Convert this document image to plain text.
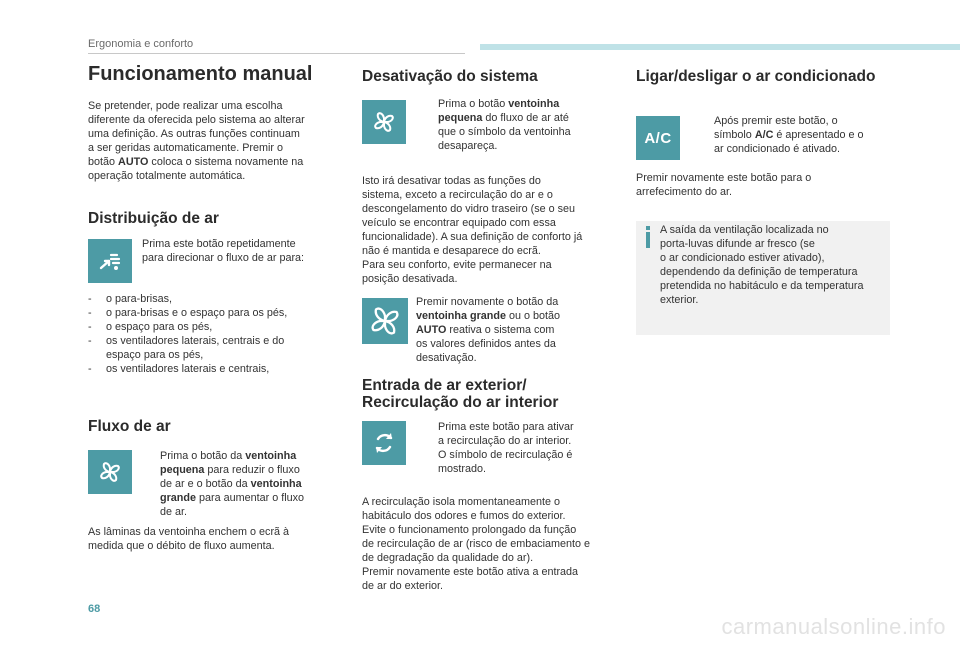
Ergonomia e conforto
Funcionamento manual

Se pretender, pode realizar uma escolha
diferente da oferecida pelo sistema ao alterar
uma definição. As outras funções continuam
a ser geridas automaticamente. Premir o
botão AUTO coloca o sistema novamente na
operação totalmente automática.

Distribuição de ar

Prima este botão repetidamente
para direcionar o fluxo de ar para:

- o para-brisas,
- o para-brisas e o espaço para os pés,
- o espaço para os pés,
- os ventiladores laterais, centrais e do
espaço para os pés,
- os ventiladores laterais e centrais,
Fluxo de ar
Prima o botão da ventoinha
pequena para reduzir o fluxo
de ar e o botão da ventoinha
grande para aumentar o fluxo
de ar.

As lâminas da ventoinha enchem o ecrã à
medida que o débito de fluxo aumenta.

Desativação do sistema
Prima o botão ventoinha
pequena do fluxo de ar até
que o símbolo da ventoinha
desapareça.

Isto irá desativar todas as funções do
sistema, exceto a recirculação do ar e o
descongelamento do vidro traseiro (se o seu
veículo se encontrar equipado com essa
funcionalidade). A sua definição de conforto já
não é mantida e desaparece do ecrã.
Para seu conforto, evite permanecer na
posição desativada.

Premir novamente o botão da
ventoinha grande ou o botão
AUTO reativa o sistema com
os valores definidos antes da
desativação.

Entrada de ar exterior/
Recirculação do ar interior
Prima este botão para ativar
a recirculação do ar interior.
O símbolo de recirculação é
mostrado.

A recirculação isola momentaneamente o
habitáculo dos odores e fumos do exterior.
Evite o funcionamento prolongado da função
de recirculação de ar (risco de embaciamento e
de degradação da qualidade do ar).
Premir novamente este botão ativa a entrada
de ar do exterior.

Ligar/desligar o ar condicionado
A/C
Após premir este botão, o
símbolo A/C é apresentado e o
ar condicionado é ativado.

Premir novamente este botão para o
arrefecimento do ar.

A saída da ventilação localizada no
porta-luvas difunde ar fresco (se
o ar condicionado estiver ativado),
dependendo da definição de temperatura
pretendida no habitáculo e da temperatura
exterior.

68
carmanualsonline.info
